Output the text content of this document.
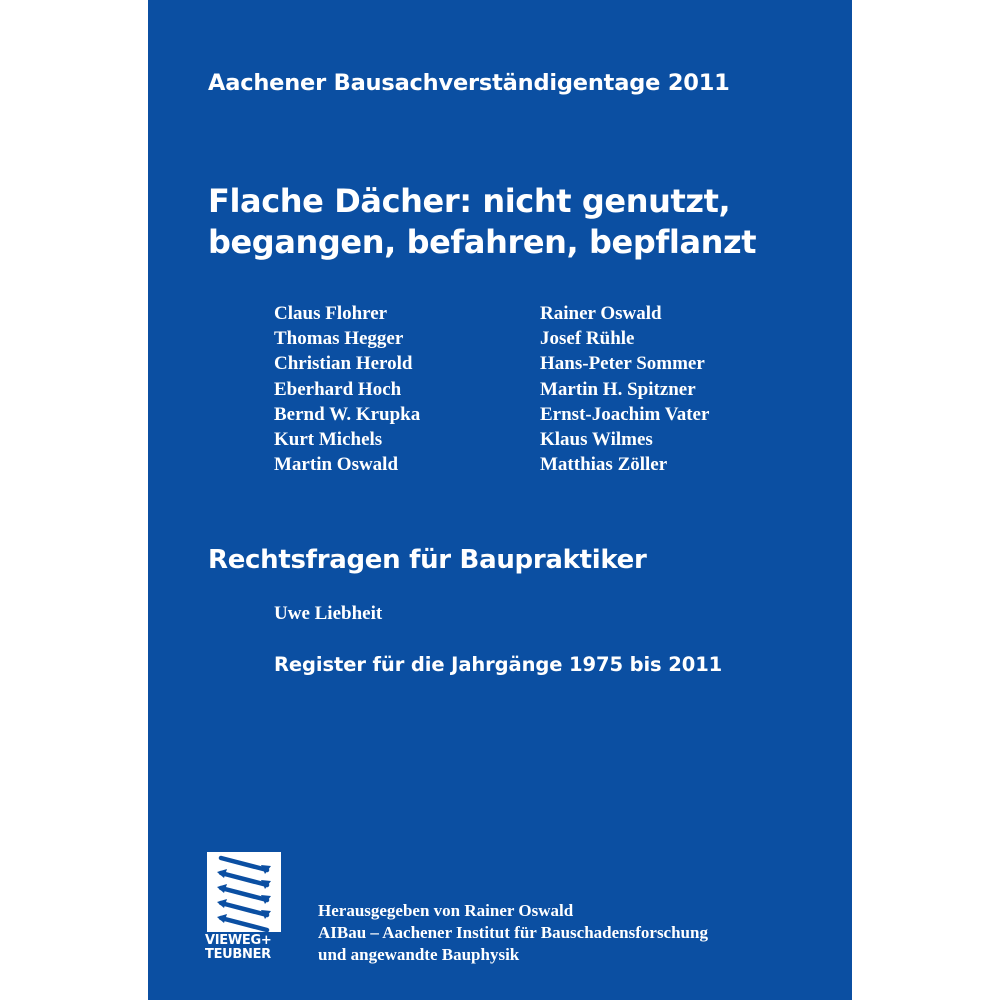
Aachener Bausachverständigentage 2011
Flache Dächer: nicht genutzt,
begangen, befahren, bepflanzt
Claus Flohrer
Thomas Hegger
Christian Herold
Eberhard Hoch
Bernd W. Krupka
Kurt Michels
Martin Oswald
Rainer Oswald
Josef Rühle
Hans-Peter Sommer
Martin H. Spitzner
Ernst-Joachim Vater
Klaus Wilmes
Matthias Zöller
Rechtsfragen für Baupraktiker
Uwe Liebheit
Register für die Jahrgänge 1975 bis 2011
VIEWEG+
TEUBNER
Herausgegeben von Rainer Oswald
AIBau – Aachener Institut für Bauschadensforschung
und angewandte Bauphysik
